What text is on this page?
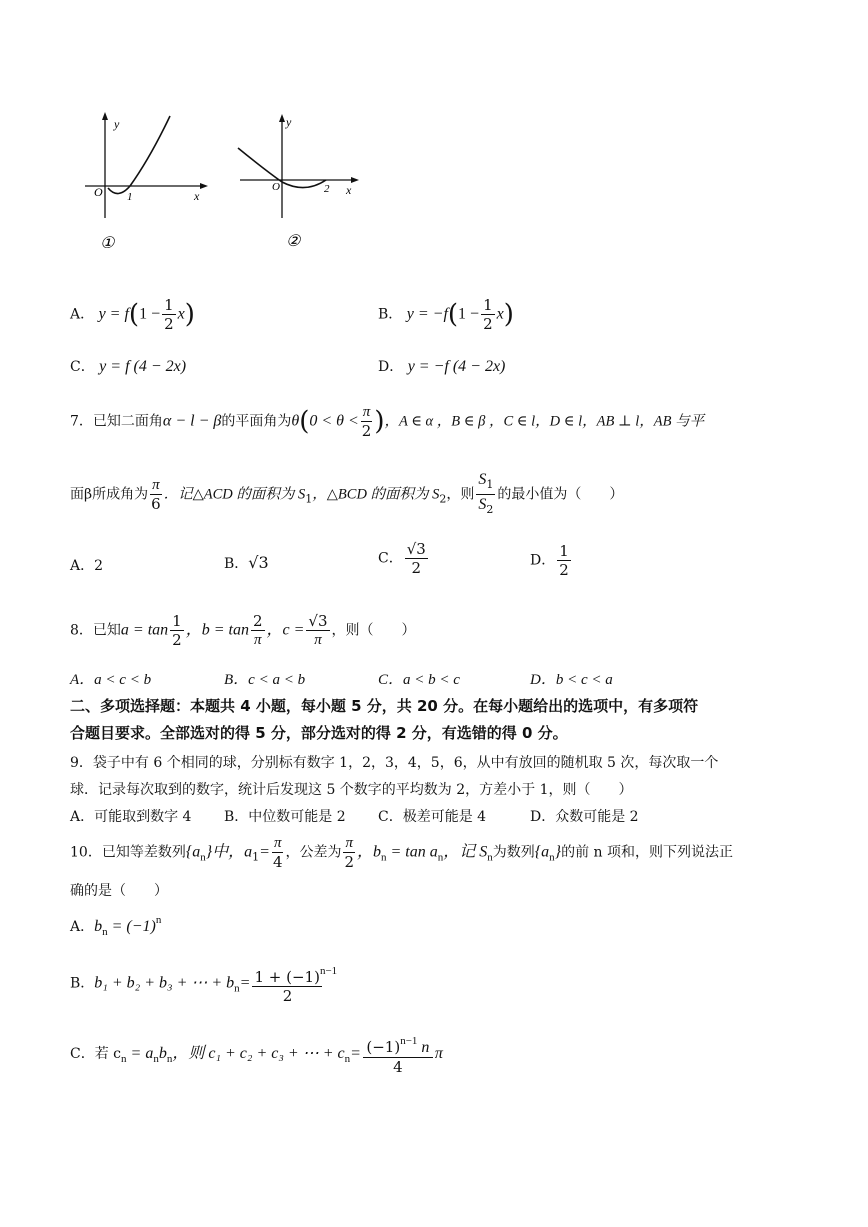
y
O 1	x
①
y
O	2 x
②
A． $y = f(1 - \frac{1}{2} x)$	B． $y = -f(1 - \frac{1}{2} x)$
C． y = f (4 − 2x)	D． y = −f (4 − 2x)
7．已知二面角α − l − β的平面角为$\theta(0 < \theta < \frac{\pi}{2}$ )，A ∈ α ，B ∈ β ，C ∈ l，D ∈ l，AB ⊥ l，AB 与平
面β所成角为 $\frac{\pi}{6}$ ．记△ACD 的面积为 $S_1$，△BCD 的面积为 $S_2$，则 $\frac{S_1}{S_2}$ 的最小值为（　　）
A．2	B．√3	C． $\frac{√3}{2}$	D． $\frac{1}{2}$
8．已知$a = \tan \frac{1}{2}$ ，$b = \tan \frac{2}{\pi}$ ，$c = \frac{√3}{\pi}$ ，则（　　）
A．a < c < b	B．c < a < b	C．a < b < c	D．b < c < a
二、多项选择题：本题共 4 小题，每小题 5 分，共 20 分。在每小题给出的选项中，有多项符
合题目要求。全部选对的得 5 分，部分选对的得 2 分，有选错的得 0 分。
9．袋子中有 6 个相同的球，分别标有数字 1，2，3，4，5，6，从中有放回的随机取 5 次，每次取一个
球．记录每次取到的数字，统计后发现这 5 个数字的平均数为 2，方差小于 1，则（　　）
A．可能取到数字 4 B．中位数可能是 2 C．极差可能是 4	D．众数可能是 2
10．已知等差数列$\{a_n\}$中，$a_1= \frac{\pi}{4}$ ，公差为 $\frac{\pi}{2}$ ，$b_n = \tan a_n$，记 $S_n$为数列$\{a_n\}$的前 n 项和，则下列说法正
确的是（　　）
A．$b_n = (-1)^n$
B．b₁ + b₂ + b₃ + ⋯ + $b_n= \frac{1 + (-1)^{n-1}}{2}$
C．若 $c_n = a_nb_n$，则 c₁ + c₂ + c₃ + ⋯ + $c_n= \frac{(-1)^{n-1} n}{4}$ π
